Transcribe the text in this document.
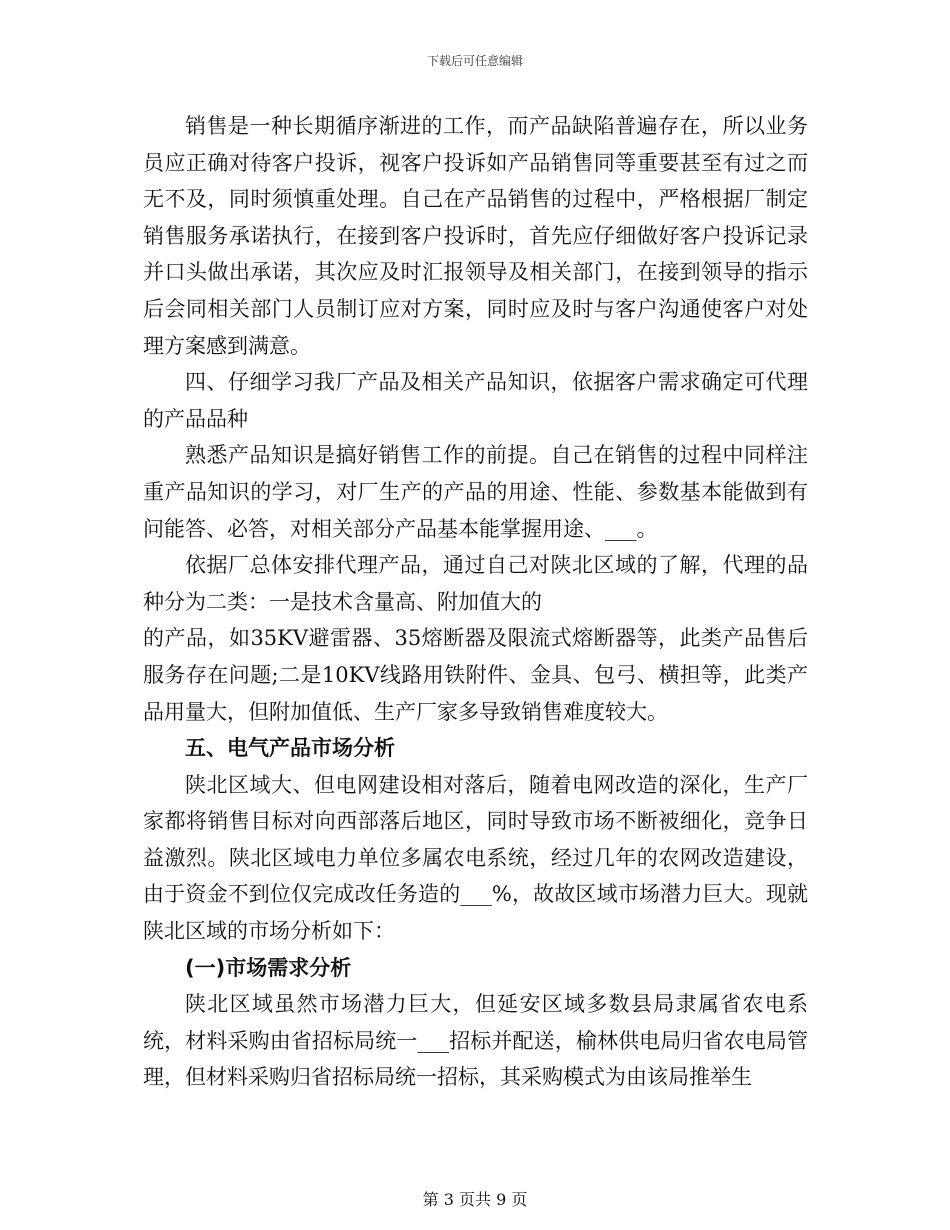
下载后可任意编辑

销售是一种长期循序渐进的工作，而产品缺陷普遍存在，所以业务员应正确对待客户投诉，视客户投诉如产品销售同等重要甚至有过之而无不及，同时须慎重处理。自己在产品销售的过程中，严格根据厂制定销售服务承诺执行，在接到客户投诉时，首先应仔细做好客户投诉记录并口头做出承诺，其次应及时汇报领导及相关部门，在接到领导的指示后会同相关部门人员制订应对方案，同时应及时与客户沟通使客户对处理方案感到满意。

四、仔细学习我厂产品及相关产品知识，依据客户需求确定可代理的产品品种

熟悉产品知识是搞好销售工作的前提。自己在销售的过程中同样注重产品知识的学习，对厂生产的产品的用途、性能、参数基本能做到有问能答、必答，对相关部分产品基本能掌握用途、___。

依据厂总体安排代理产品，通过自己对陕北区域的了解，代理的品种分为二类：一是技术含量高、附加值大的

的产品，如35KV避雷器、35熔断器及限流式熔断器等，此类产品售后服务存在问题;二是10KV线路用铁附件、金具、包弓、横担等，此类产品用量大，但附加值低、生产厂家多导致销售难度较大。

五、电气产品市场分析

陕北区域大、但电网建设相对落后，随着电网改造的深化，生产厂家都将销售目标对向西部落后地区，同时导致市场不断被细化，竞争日益激烈。陕北区域电力单位多属农电系统，经过几年的农网改造建设，由于资金不到位仅完成改任务造的___%，故故区域市场潜力巨大。现就陕北区域的市场分析如下：

(一)市场需求分析

陕北区域虽然市场潜力巨大，但延安区域多数县局隶属省农电系统，材料采购由省招标局统一___招标并配送，榆林供电局归省农电局管理，但材料采购归省招标局统一招标，其采购模式为由该局推举生

第 3 页共 9 页
